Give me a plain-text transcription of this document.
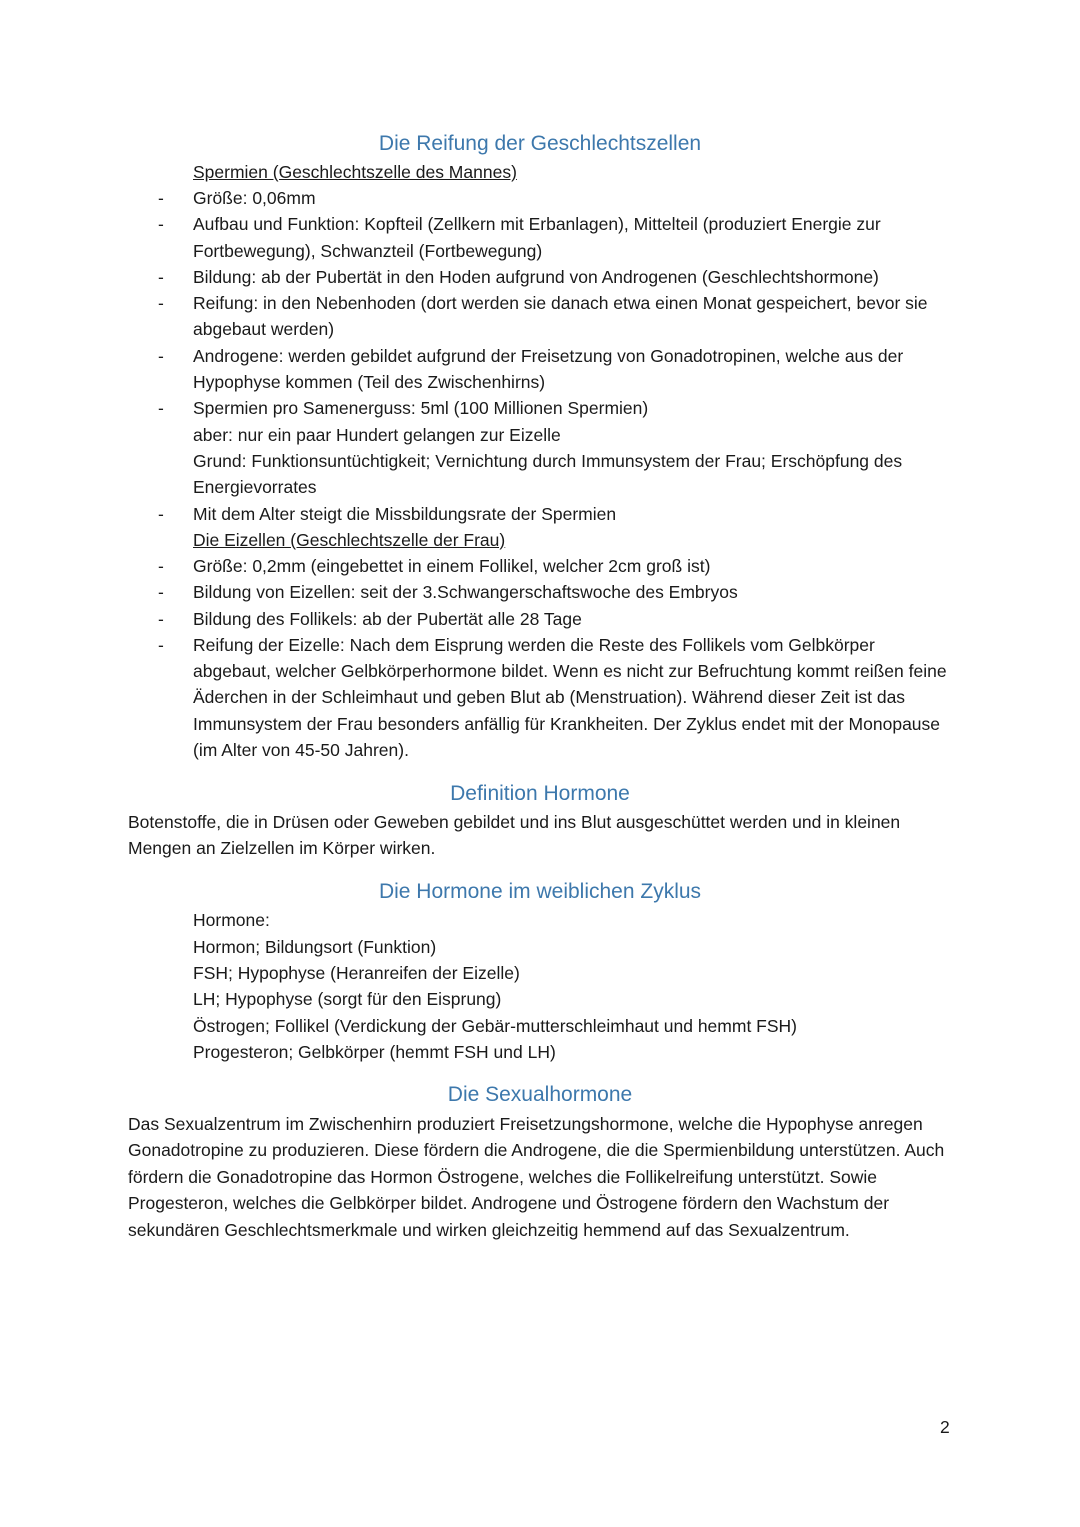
Die Reifung der Geschlechtszellen
Spermien (Geschlechtszelle des Mannes)
-	Größe: 0,06mm
-	Aufbau und Funktion: Kopfteil (Zellkern mit Erbanlagen), Mittelteil (produziert Energie zur Fortbewegung), Schwanzteil (Fortbewegung)
-	Bildung: ab der Pubertät in den Hoden aufgrund von Androgenen (Geschlechtshormone)
-	Reifung: in den Nebenhoden (dort werden sie danach etwa einen Monat gespeichert, bevor sie abgebaut werden)
-	Androgene: werden gebildet aufgrund der Freisetzung von Gonadotropinen, welche aus der Hypophyse kommen (Teil des Zwischenhirns)
-	Spermien pro Samenerguss: 5ml (100 Millionen Spermien)
aber: nur ein paar Hundert gelangen zur Eizelle
Grund: Funktionsuntüchtigkeit; Vernichtung durch Immunsystem der Frau; Erschöpfung des Energievorrates
-	Mit dem Alter steigt die Missbildungsrate der Spermien
Die Eizellen (Geschlechtszelle der Frau)
-	Größe: 0,2mm (eingebettet in einem Follikel, welcher 2cm groß ist)
-	Bildung von Eizellen: seit der 3.Schwangerschaftswoche des Embryos
-	Bildung des Follikels: ab der Pubertät alle 28 Tage
-	Reifung der Eizelle: Nach dem Eisprung werden die Reste des Follikels vom Gelbkörper abgebaut, welcher Gelbkörperhormone bildet. Wenn es nicht zur Befruchtung kommt reißen feine Äderchen in der Schleimhaut und geben Blut ab (Menstruation). Während dieser Zeit ist das Immunsystem der Frau besonders anfällig für Krankheiten. Der Zyklus endet mit der Monopause (im Alter von 45-50 Jahren).
Definition Hormone

Botenstoffe, die in Drüsen oder Geweben gebildet und ins Blut ausgeschüttet werden und in kleinen Mengen an Zielzellen im Körper wirken.

Die Hormone im weiblichen Zyklus
Hormone:
Hormon; Bildungsort (Funktion)
FSH; Hypophyse (Heranreifen der Eizelle)
LH; Hypophyse (sorgt für den Eisprung)
Östrogen; Follikel (Verdickung der Gebär-mutterschleimhaut und hemmt FSH)
Progesteron; Gelbkörper (hemmt FSH und LH)
Die Sexualhormone

Das Sexualzentrum im Zwischenhirn produziert Freisetzungshormone, welche die Hypophyse anregen Gonadotropine zu produzieren. Diese fördern die Androgene, die die Spermienbildung unterstützen. Auch fördern die Gonadotropine das Hormon Östrogene, welches die Follikelreifung unterstützt. Sowie Progesteron, welches die Gelbkörper bildet. Androgene und Östrogene fördern den Wachstum der sekundären Geschlechtsmerkmale und wirken gleichzeitig hemmend auf das Sexualzentrum.

2
